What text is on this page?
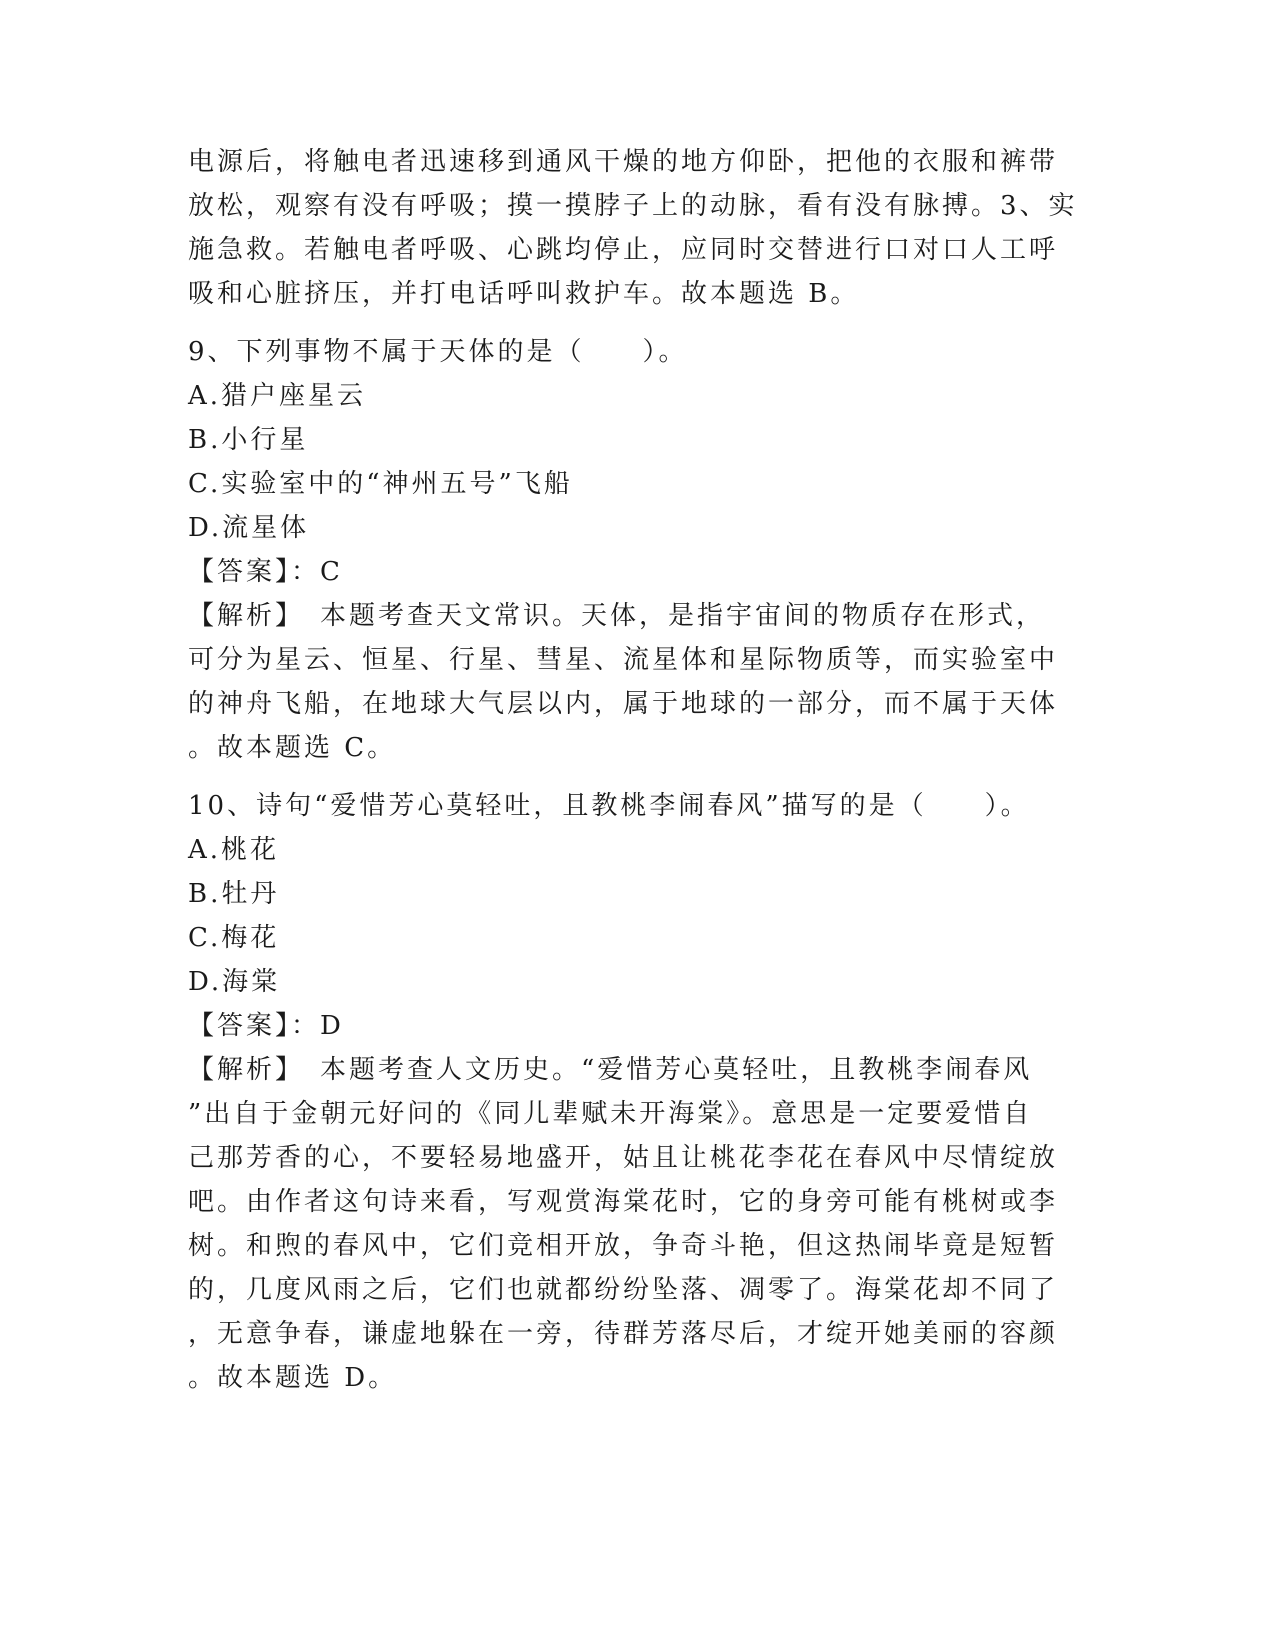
电源后，将触电者迅速移到通风干燥的地方仰卧，把他的衣服和裤带
放松，观察有没有呼吸；摸一摸脖子上的动脉，看有没有脉搏。3、实
施急救。若触电者呼吸、心跳均停止，应同时交替进行口对口人工呼
吸和心脏挤压，并打电话呼叫救护车。故本题选 B。
9、下列事物不属于天体的是（　　）。
A.猎户座星云
B.小行星
C.实验室中的“神州五号”飞船
D.流星体
【答案】：C
【解析】　本题考查天文常识。天体，是指宇宙间的物质存在形式，
可分为星云、恒星、行星、彗星、流星体和星际物质等，而实验室中
的神舟飞船，在地球大气层以内，属于地球的一部分，而不属于天体
。故本题选 C。
10、诗句“爱惜芳心莫轻吐，且教桃李闹春风”描写的是（　　）。
A.桃花
B.牡丹
C.梅花
D.海棠
【答案】：D
【解析】　本题考查人文历史。“爱惜芳心莫轻吐，且教桃李闹春风
”出自于金朝元好问的《同儿辈赋未开海棠》。意思是一定要爱惜自
己那芳香的心，不要轻易地盛开，姑且让桃花李花在春风中尽情绽放
吧。由作者这句诗来看，写观赏海棠花时，它的身旁可能有桃树或李
树。和煦的春风中，它们竞相开放，争奇斗艳，但这热闹毕竟是短暂
的，几度风雨之后，它们也就都纷纷坠落、凋零了。海棠花却不同了
，无意争春，谦虚地躲在一旁，待群芳落尽后，才绽开她美丽的容颜
。故本题选 D。
